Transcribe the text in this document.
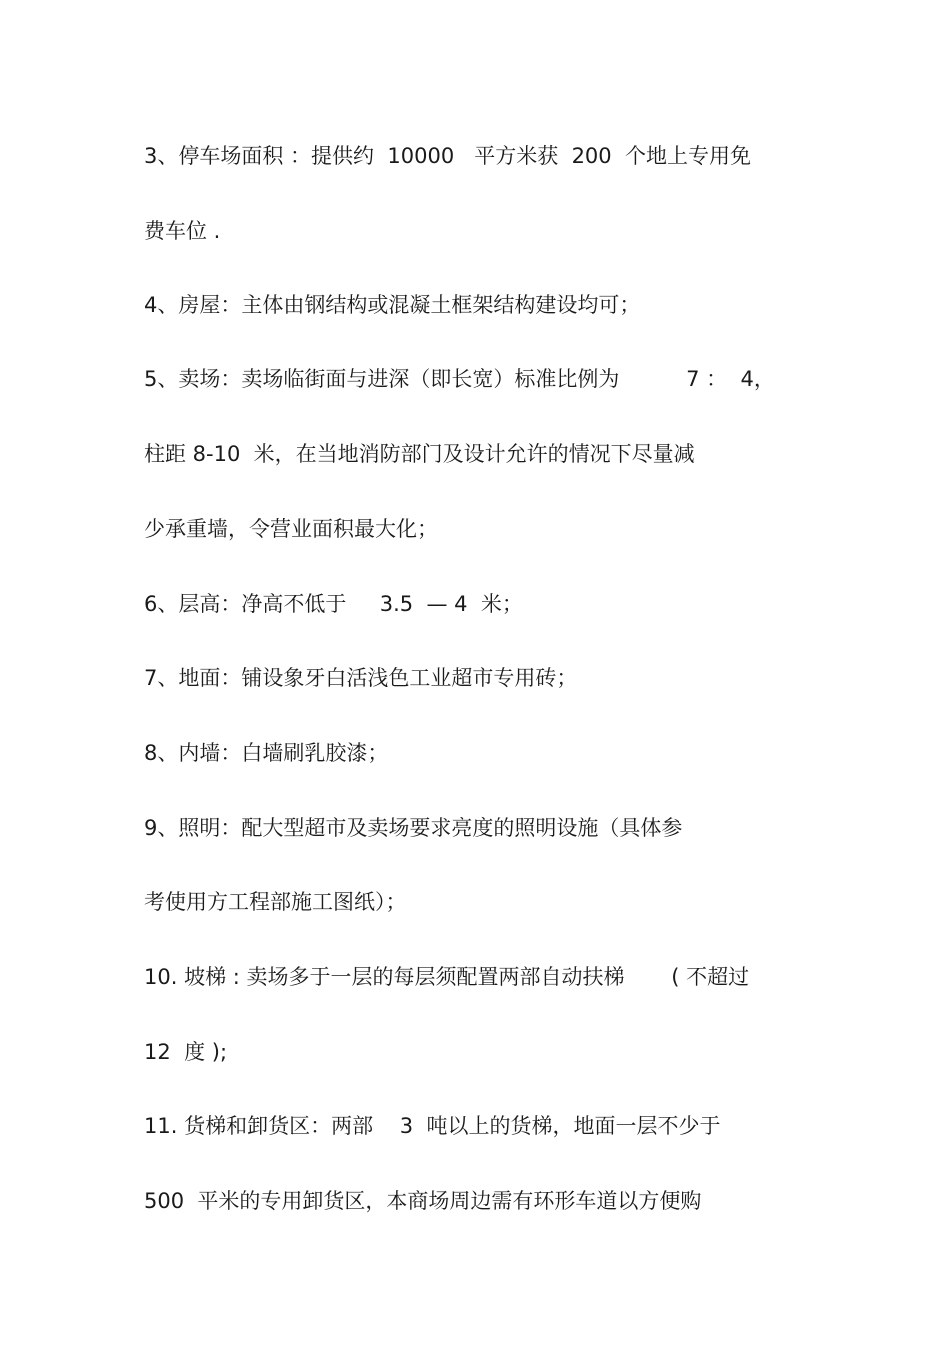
3、停车场面积 ：提供约  10000   平方米获  200  个地上专用免
费车位 .
4、房屋：主体由钢结构或混凝土框架结构建设均可；
5、卖场：卖场临街面与进深（即长宽）标准比例为          7 ：  4，
柱距 8-10  米，在当地消防部门及设计允许的情况下尽量减
少承重墙，令营业面积最大化；
6、层高：净高不低于     3.5  — 4  米；
7、地面：铺设象牙白活浅色工业超市专用砖；
8、内墙：白墙刷乳胶漆；
9、照明：配大型超市及卖场要求亮度的照明设施（具体参
考使用方工程部施工图纸）；
10. 坡梯 : 卖场多于一层的每层须配置两部自动扶梯       ( 不超过
12  度 );
11. 货梯和卸货区：两部    3  吨以上的货梯，地面一层不少于
500  平米的专用卸货区，本商场周边需有环形车道以方便购
